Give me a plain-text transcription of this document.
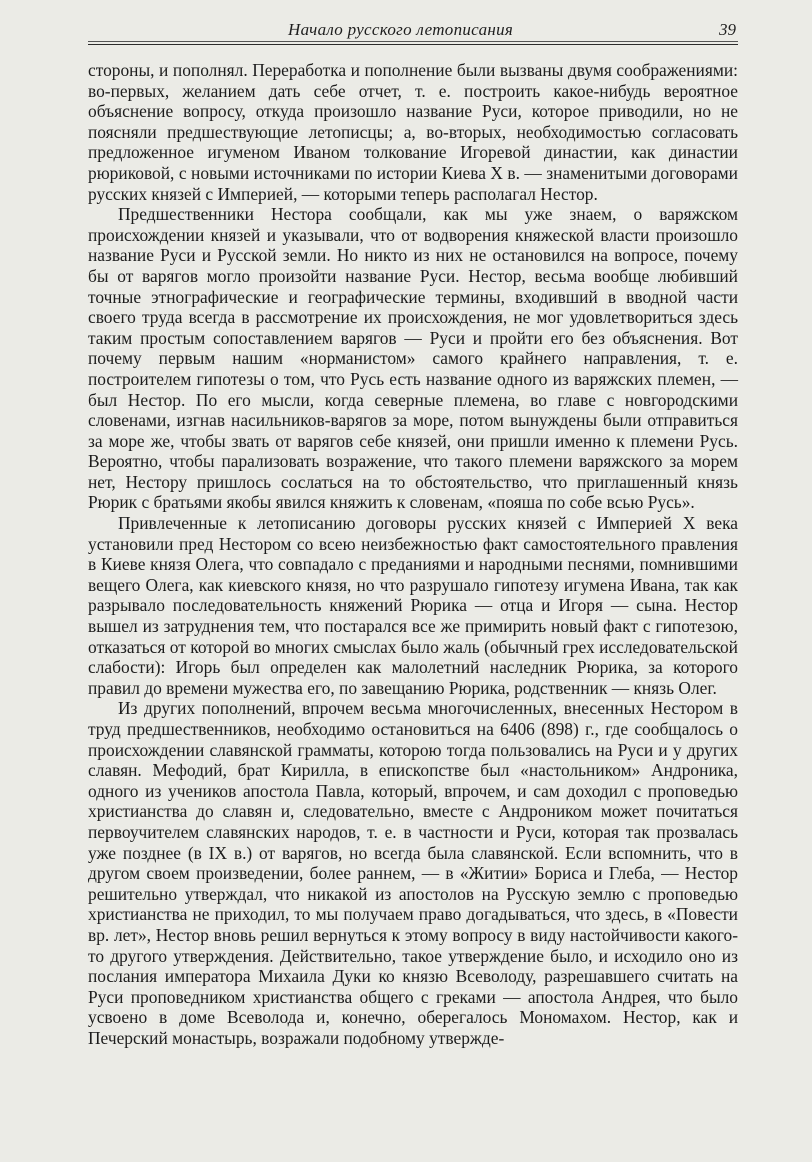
Начало русского летописания	39

стороны, и пополнял. Переработка и пополнение были вызваны двумя соображениями: во-первых, желанием дать себе отчет, т. е. построить какое-нибудь вероятное объяснение вопросу, откуда произошло название Руси, которое приводили, но не поясняли предшествующие летописцы; а, во-вторых, необходимостью согласовать предложенное игуменом Иваном толкование Игоревой династии, как династии рюриковой, с новыми источниками по истории Киева X в. — знаменитыми договорами русских князей с Империей, — которыми теперь располагал Нестор.

Предшественники Нестора сообщали, как мы уже знаем, о варяжском происхождении князей и указывали, что от водворения княжеской власти произошло название Руси и Русской земли. Но никто из них не остановился на вопросе, почему бы от варягов могло произойти название Руси. Нестор, весьма вообще любивший точные этнографические и географические термины, входивший в вводной части своего труда всегда в рассмотрение их происхождения, не мог удовлетвориться здесь таким простым сопоставлением варягов — Руси и пройти его без объяснения. Вот почему первым нашим «норманистом» самого крайнего направления, т. е. построителем гипотезы о том, что Русь есть название одного из варяжских племен, — был Нестор. По его мысли, когда северные племена, во главе с новгородскими словенами, изгнав насильников-варягов за море, потом вынуждены были отправиться за море же, чтобы звать от варягов себе князей, они пришли именно к племени Русь. Вероятно, чтобы парализовать возражение, что такого племени варяжского за морем нет, Нестору пришлось сослаться на то обстоятельство, что приглашенный князь Рюрик с братьями якобы явился княжить к словенам, «пояша по собе всью Русь».

Привлеченные к летописанию договоры русских князей с Империей X века установили пред Нестором со всею неизбежностью факт самостоятельного правления в Киеве князя Олега, что совпадало с преданиями и народными песнями, помнившими вещего Олега, как киевского князя, но что разрушало гипотезу игумена Ивана, так как разрывало последовательность княжений Рюрика — отца и Игоря — сына. Нестор вышел из затруднения тем, что постарался все же примирить новый факт с гипотезою, отказаться от которой во многих смыслах было жаль (обычный грех исследовательской слабости): Игорь был определен как малолетний наследник Рюрика, за которого правил до времени мужества его, по завещанию Рюрика, родственник — князь Олег.

Из других пополнений, впрочем весьма многочисленных, внесенных Нестором в труд предшественников, необходимо остановиться на 6406 (898) г., где сообщалось о происхождении славянской грамматы, которою тогда пользовались на Руси и у других славян. Мефодий, брат Кирилла, в епископстве был «настольником» Андроника, одного из учеников апостола Павла, который, впрочем, и сам доходил с проповедью христианства до славян и, следовательно, вместе с Андроником может почитаться первоучителем славянских народов, т. е. в частности и Руси, которая так прозвалась уже позднее (в IX в.) от варягов, но всегда была славянской. Если вспомнить, что в другом своем произведении, более раннем, — в «Житии» Бориса и Глеба, — Нестор решительно утверждал, что никакой из апостолов на Русскую землю с проповедью христианства не приходил, то мы получаем право догадываться, что здесь, в «Повести вр. лет», Нестор вновь решил вернуться к этому вопросу в виду настойчивости какого-то другого утверждения. Действительно, такое утверждение было, и исходило оно из послания императора Михаила Дуки ко князю Всеволоду, разрешавшего считать на Руси проповедником христианства общего с греками — апостола Андрея, что было усвоено в доме Всеволода и, конечно, оберегалось Мономахом. Нестор, как и Печерский монастырь, возражали подобному утвержде-
